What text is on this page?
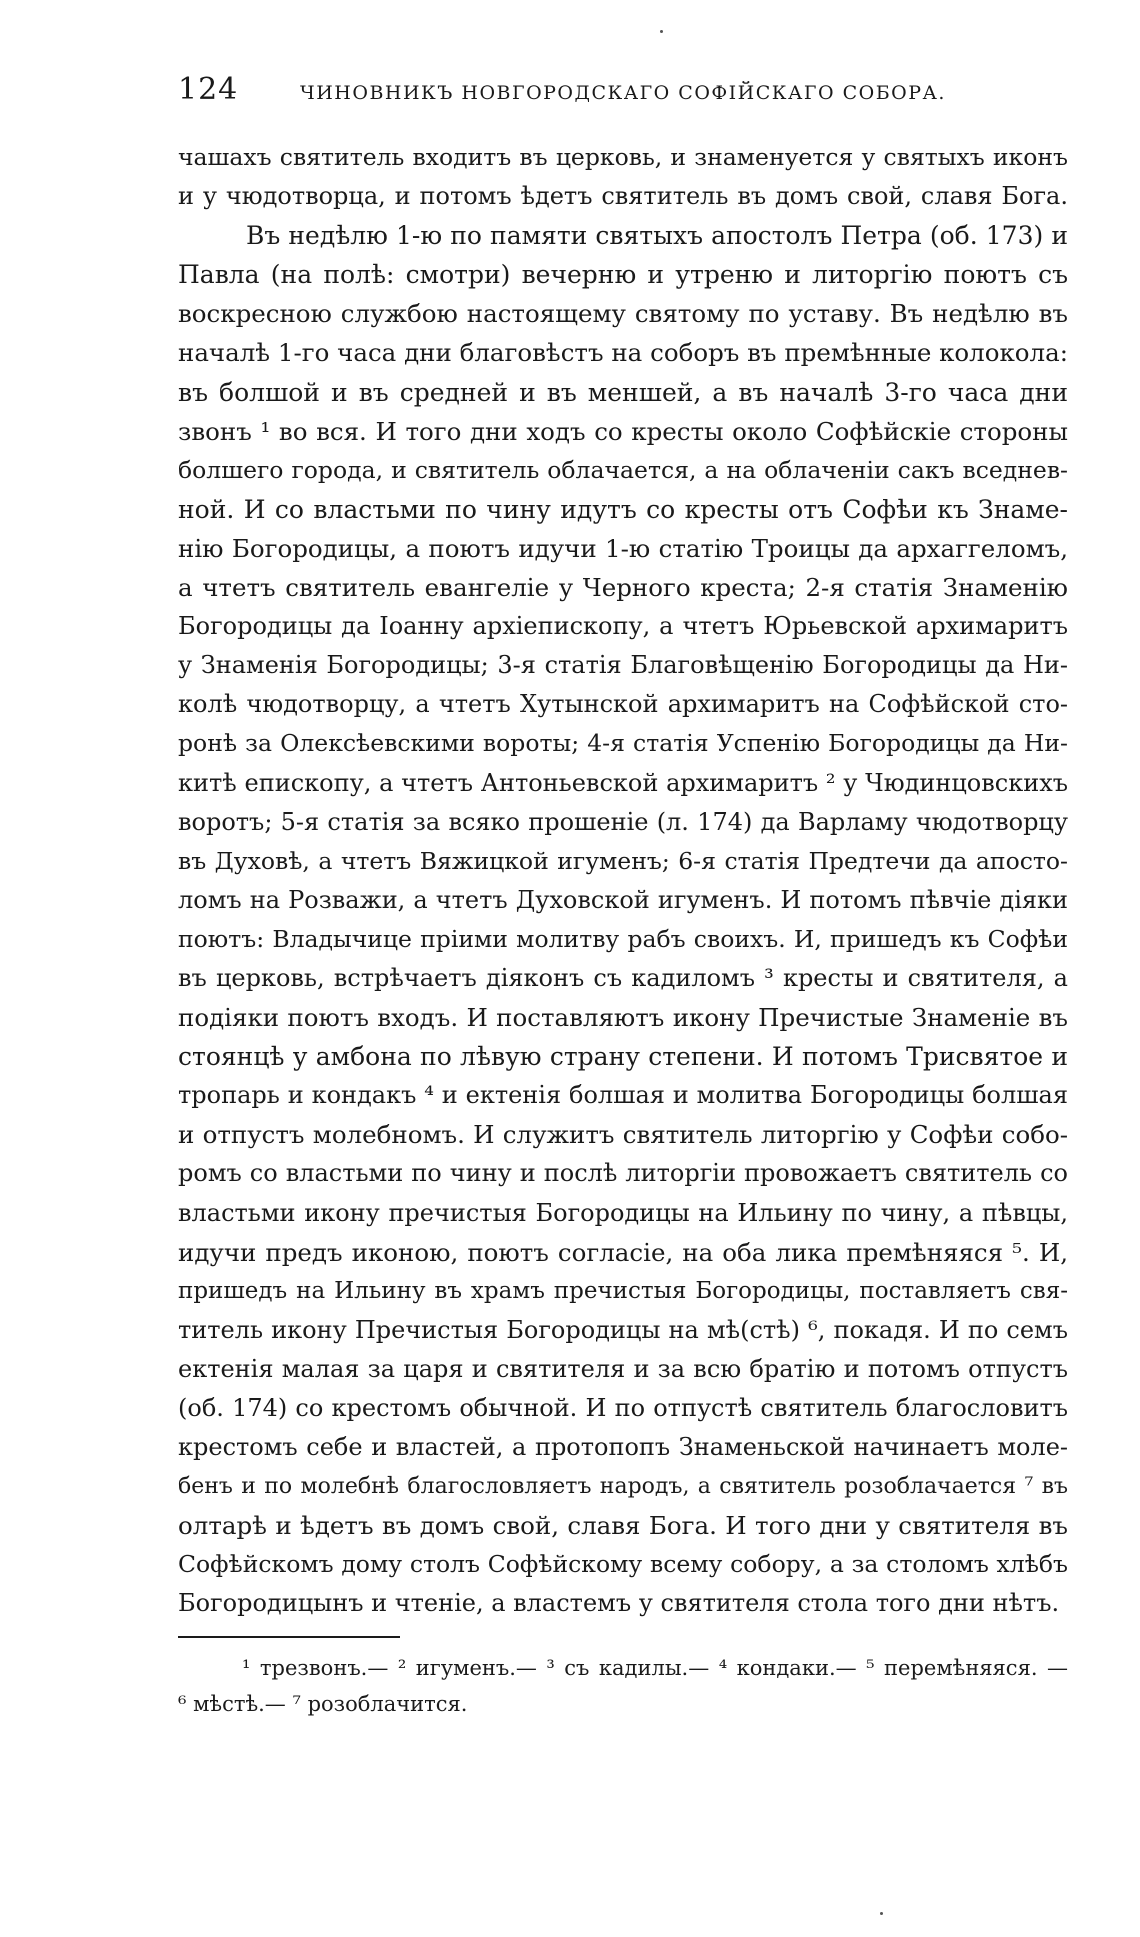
124	ЧИНОВНИКЪ НОВГОРОДСКАГО СОФІЙСКАГО СОБОРА.
чашахъ святитель входитъ въ церковь, и знаменуется у святыхъ иконъ
и у чюдотворца, и потомъ ѣдетъ святитель въ домъ свой, славя Бога.
Въ недѣлю 1-ю по памяти святыхъ апостолъ Петра (об. 173) и
Павла (на полѣ: смотри) вечерню и утреню и литоргію поютъ съ
воскресною службою настоящему святому по уставу. Въ недѣлю въ
началѣ 1-го часа дни благовѣстъ на соборъ въ премѣнные колокола:
въ болшой и въ средней и въ меншей, а въ началѣ 3-го часа дни
звонъ ¹ во вся. И того дни ходъ со кресты около Софѣйскіе стороны
болшего города, и святитель облачается, а на облаченіи сакъ вседнев-
ной. И со властьми по чину идутъ со кресты отъ Софѣи къ Знаме-
нію Богородицы, а поютъ идучи 1-ю статію Троицы да архаггеломъ,
а чтетъ святитель евангеліе у Черного креста; 2-я статія Знаменію
Богородицы да Іоанну архіепископу, а чтетъ Юрьевской архимаритъ
у Знаменія Богородицы; 3-я статія Благовѣщенію Богородицы да Ни-
колѣ чюдотворцу, а чтетъ Хутынской архимаритъ на Софѣйской сто-
ронѣ за Олексѣевскими вороты; 4-я статія Успенію Богородицы да Ни-
китѣ епископу, а чтетъ Антоньевской архимаритъ ² у Чюдинцовскихъ
воротъ; 5-я статія за всяко прошеніе (л. 174) да Варламу чюдотворцу
въ Духовѣ, а чтетъ Вяжицкой игуменъ; 6-я статія Предтечи да апосто-
ломъ на Розважи, а чтетъ Духовской игуменъ. И потомъ пѣвчіе діяки
поютъ: Владычице пріими молитву рабъ своихъ. И, пришедъ къ Софѣи
въ церковь, встрѣчаетъ діяконъ съ кадиломъ ³ кресты и святителя, а
подіяки поютъ входъ. И поставляютъ икону Пречистые Знаменіе въ
стоянцѣ у амбона по лѣвую страну степени. И потомъ Трисвятое и
тропарь и кондакъ ⁴ и ектенія болшая и молитва Богородицы болшая
и отпустъ молебномъ. И служитъ святитель литоргію у Софѣи собо-
ромъ со властьми по чину и послѣ литоргіи провожаетъ святитель со
властьми икону пречистыя Богородицы на Ильину по чину, а пѣвцы,
идучи предъ иконою, поютъ согласіе, на оба лика премѣняяся ⁵. И,
пришедъ на Ильину въ храмъ пречистыя Богородицы, поставляетъ свя-
титель икону Пречистыя Богородицы на мѣ(стѣ) ⁶, покадя. И по семъ
ектенія малая за царя и святителя и за всю братію и потомъ отпустъ
(об. 174) со крестомъ обычной. И по отпустѣ святитель благословитъ
крестомъ себе и властей, а протопопъ Знаменьской начинаетъ моле-
бенъ и по молебнѣ благословляетъ народъ, а святитель розоблачается ⁷ въ
олтарѣ и ѣдетъ въ домъ свой, славя Бога. И того дни у святителя въ
Софѣйскомъ дому столъ Софѣйскому всему собору, а за столомъ хлѣбъ
Богородицынъ и чтеніе, а властемъ у святителя стола того дни нѣтъ.
¹ трезвонъ.— ² игуменъ.— ³ съ кадилы.— ⁴ кондаки.— ⁵ перемѣняяся. —
⁶ мѣстѣ.— ⁷ розоблачится.
